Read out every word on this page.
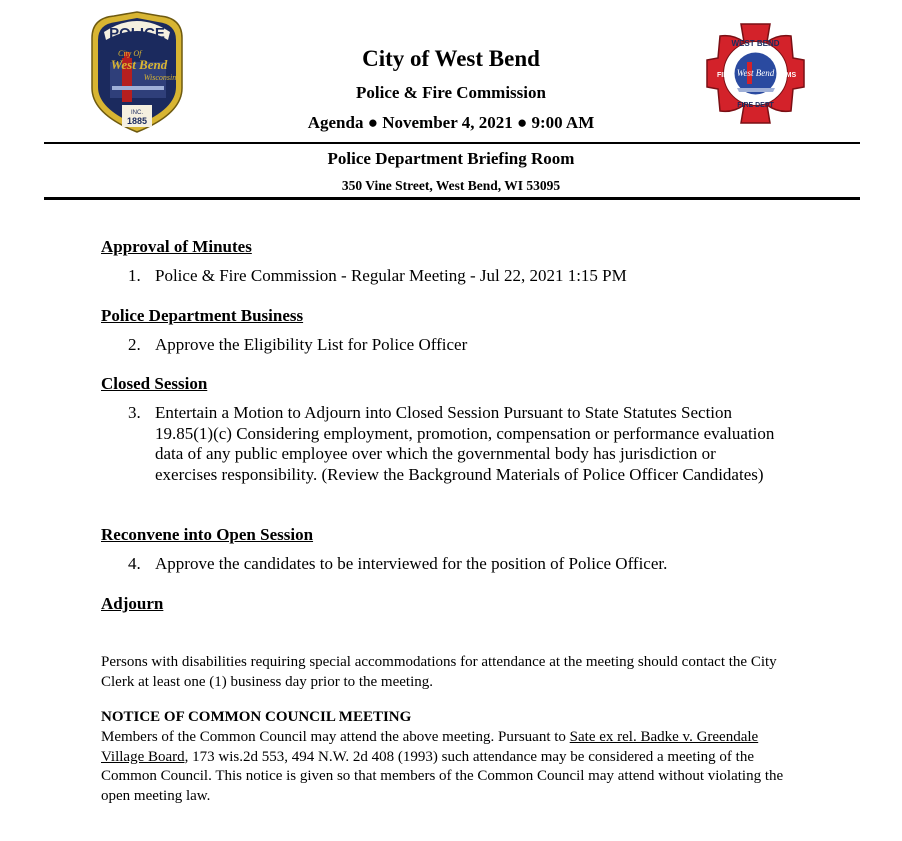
POLICE
City Of
West Bend
Wisconsin
INC.
1885
WEST BEND
FIRE	EMS
West Bend
FIRE DEPT
City of West Bend
Police & Fire Commission
Agenda ● November 4, 2021 ● 9:00 AM
Police Department Briefing Room
350 Vine Street, West Bend, WI 53095
Approval of Minutes
1. Police & Fire Commission - Regular Meeting - Jul 22, 2021 1:15 PM
Police Department Business
2. Approve the Eligibility List for Police Officer
Closed Session
3. Entertain a Motion to Adjourn into Closed Session Pursuant to State Statutes Section 19.85(1)(c) Considering employment, promotion, compensation or performance evaluation data of any public employee over which the governmental body has jurisdiction or exercises responsibility. (Review the Background Materials of Police Officer Candidates)
Reconvene into Open Session
4. Approve the candidates to be interviewed for the position of Police Officer.
Adjourn
Persons with disabilities requiring special accommodations for attendance at the meeting should contact the City Clerk at least one (1) business day prior to the meeting.
NOTICE OF COMMON COUNCIL MEETING
Members of the Common Council may attend the above meeting. Pursuant to Sate ex rel. Badke v. Greendale Village Board, 173 wis.2d 553, 494 N.W. 2d 408 (1993) such attendance may be considered a meeting of the Common Council. This notice is given so that members of the Common Council may attend without violating the open meeting law.
